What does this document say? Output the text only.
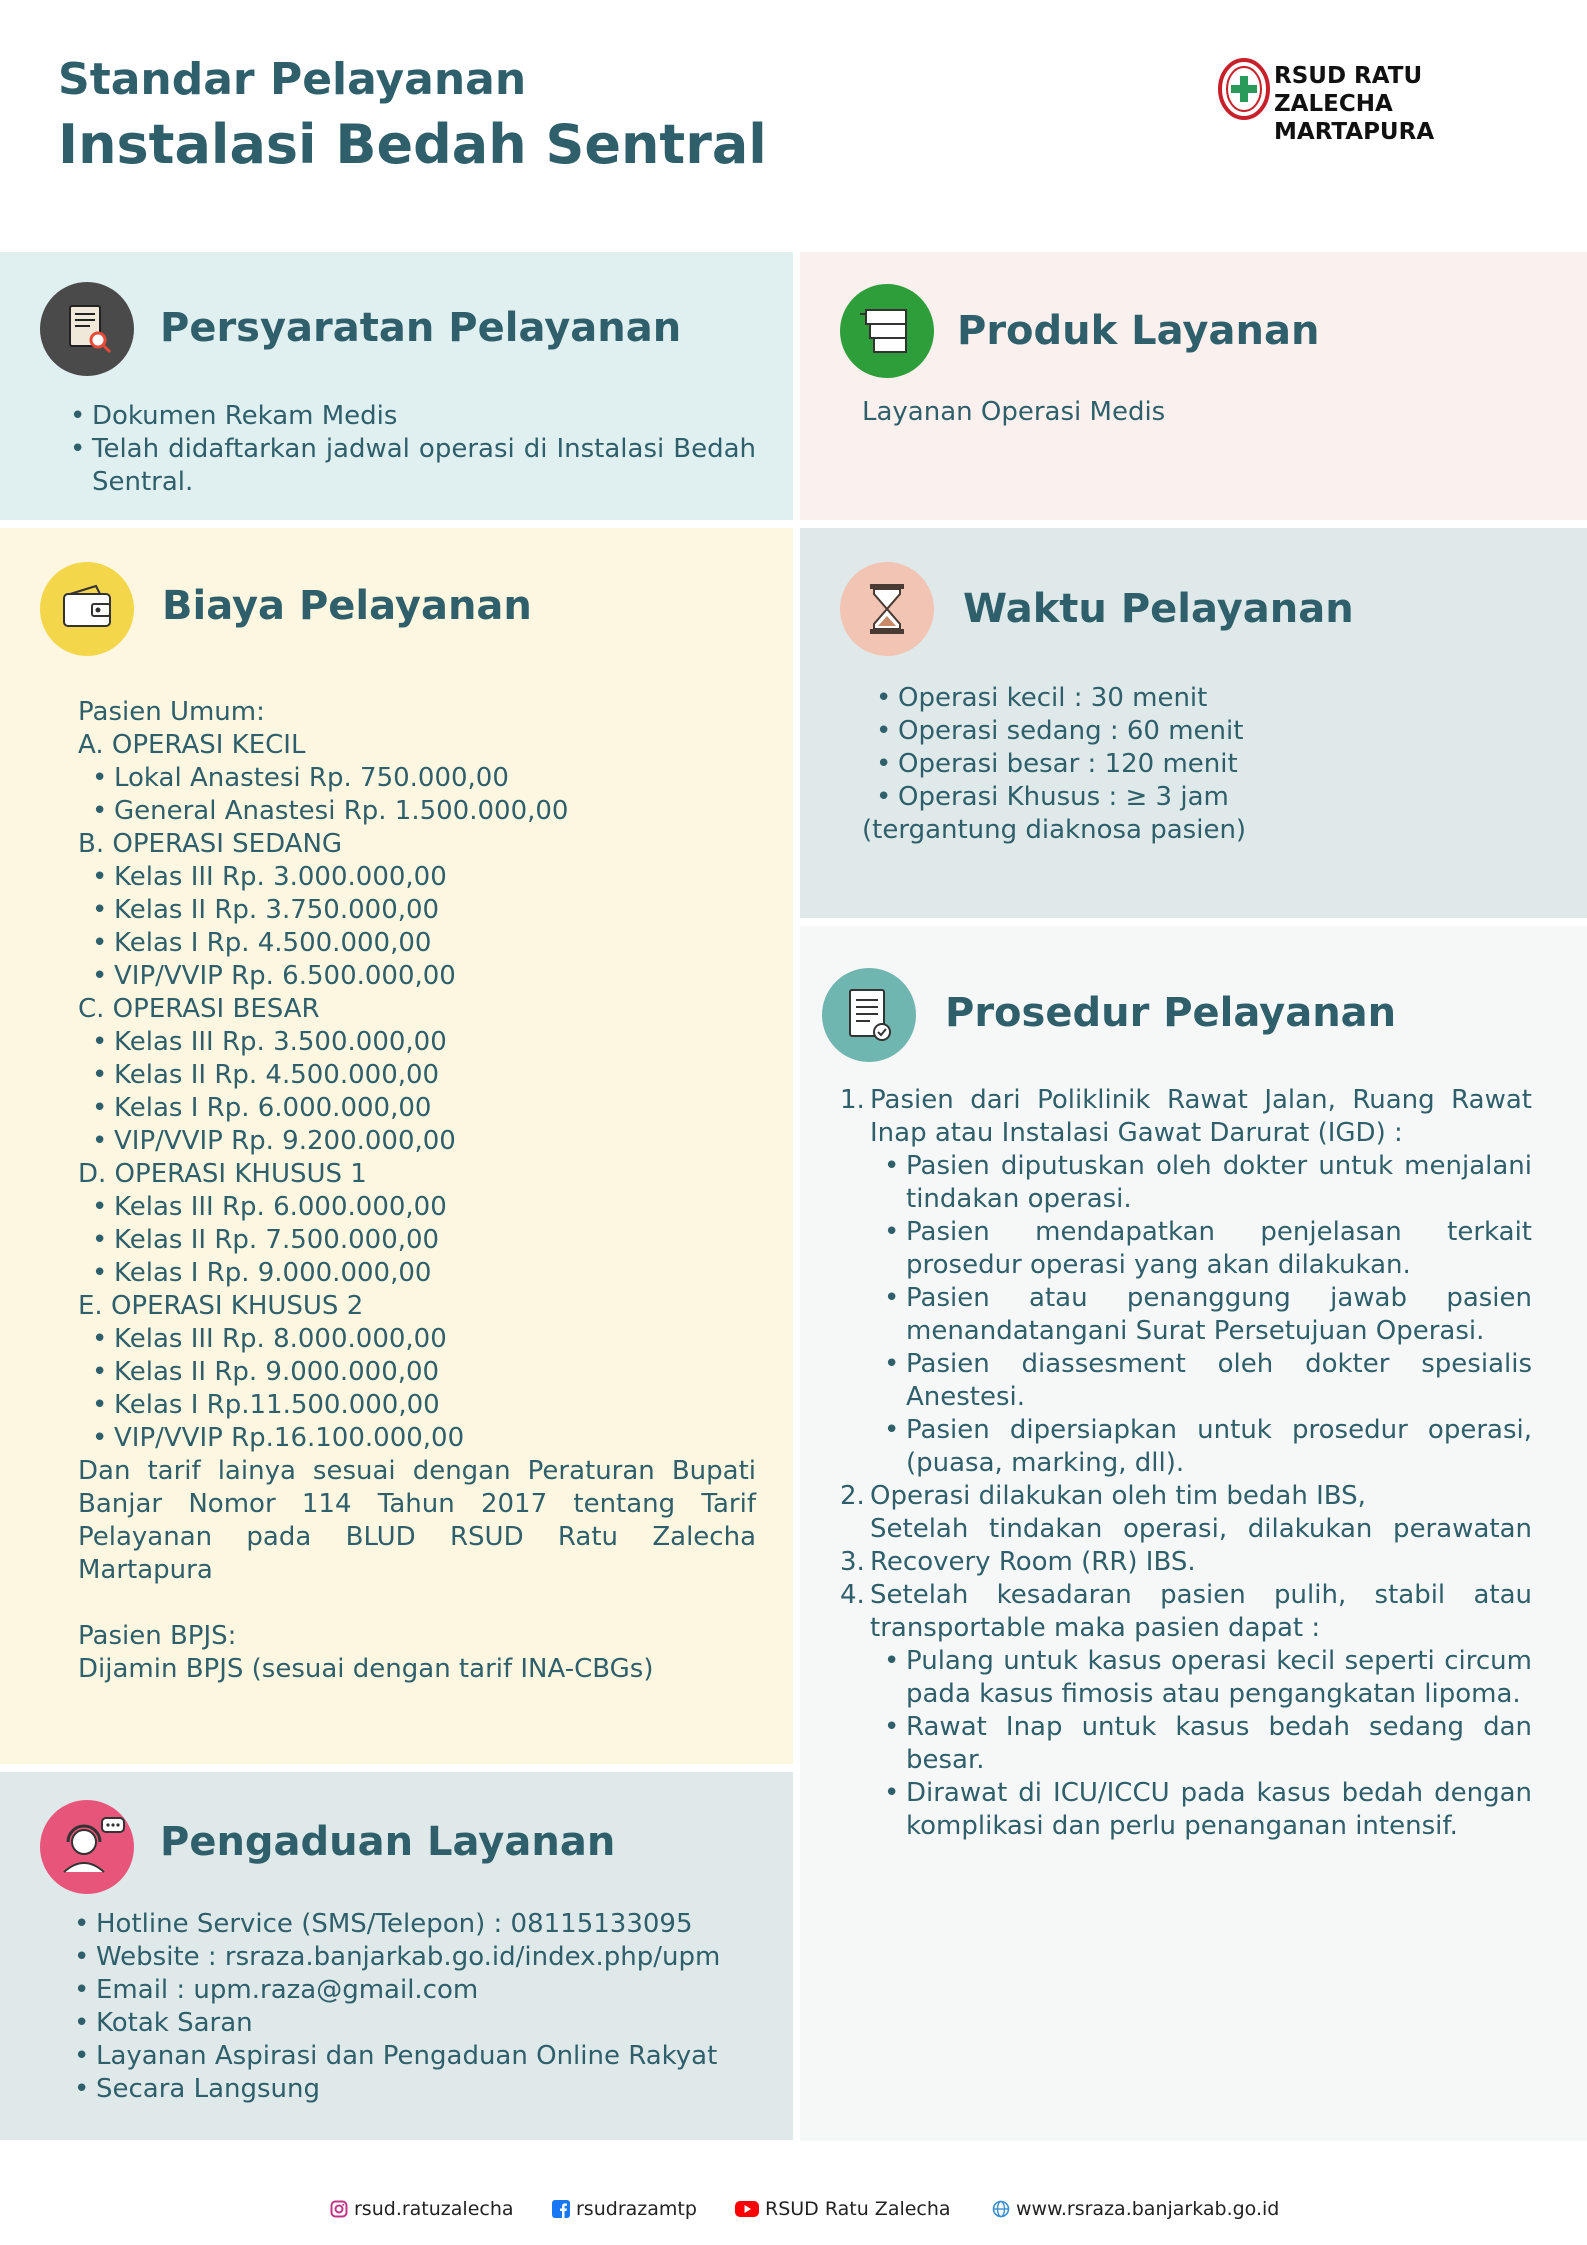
Standar Pelayanan
Instalasi Bedah Sentral
RSUD RATU ZALECHA
MARTAPURA
Persyaratan Pelayanan
• Dokumen Rekam Medis
• Telah didaftarkan jadwal operasi di Instalasi Bedah Sentral.
Produk Layanan
Layanan Operasi Medis
Biaya Pelayanan
Pasien Umum:
A. OPERASI KECIL
• Lokal Anastesi Rp. 750.000,00
• General Anastesi Rp. 1.500.000,00
B. OPERASI SEDANG
• Kelas III Rp. 3.000.000,00
• Kelas II Rp. 3.750.000,00
• Kelas I Rp. 4.500.000,00
• VIP/VVIP Rp. 6.500.000,00
C. OPERASI BESAR
• Kelas III Rp. 3.500.000,00
• Kelas II Rp. 4.500.000,00
• Kelas I Rp. 6.000.000,00
• VIP/VVIP Rp. 9.200.000,00
D. OPERASI KHUSUS 1
• Kelas III Rp. 6.000.000,00
• Kelas II Rp. 7.500.000,00
• Kelas I Rp. 9.000.000,00
E. OPERASI KHUSUS 2
• Kelas III Rp. 8.000.000,00
• Kelas II Rp. 9.000.000,00
• Kelas I Rp.11.500.000,00
• VIP/VVIP Rp.16.100.000,00
Dan tarif lainya sesuai dengan Peraturan Bupati Banjar Nomor 114 Tahun 2017 tentang Tarif Pelayanan pada BLUD RSUD Ratu Zalecha Martapura
Pasien BPJS:
Dijamin BPJS (sesuai dengan tarif INA-CBGs)
Waktu Pelayanan
• Operasi kecil : 30 menit
• Operasi sedang : 60 menit
• Operasi besar : 120 menit
• Operasi Khusus : ≥ 3 jam
(tergantung diaknosa pasien)
Prosedur Pelayanan
1. Pasien dari Poliklinik Rawat Jalan, Ruang Rawat Inap atau Instalasi Gawat Darurat (IGD) :
• Pasien diputuskan oleh dokter untuk menjalani tindakan operasi.
• Pasien mendapatkan penjelasan terkait prosedur operasi yang akan dilakukan.
• Pasien atau penanggung jawab pasien menandatangani Surat Persetujuan Operasi.
• Pasien diassesment oleh dokter spesialis Anestesi.
• Pasien dipersiapkan untuk prosedur operasi, (puasa, marking, dll).
2. Operasi dilakukan oleh tim bedah IBS,
Setelah tindakan operasi, dilakukan perawatan
3. Recovery Room (RR) IBS.
4. Setelah kesadaran pasien pulih, stabil atau transportable maka pasien dapat :
• Pulang untuk kasus operasi kecil seperti circum pada kasus fimosis atau pengangkatan lipoma.
• Rawat Inap untuk kasus bedah sedang dan besar.
• Dirawat di ICU/ICCU pada kasus bedah dengan komplikasi dan perlu penanganan intensif.
Pengaduan Layanan
• Hotline Service (SMS/Telepon) : 08115133095
• Website : rsraza.banjarkab.go.id/index.php/upm
• Email : upm.raza@gmail.com
• Kotak Saran
• Layanan Aspirasi dan Pengaduan Online Rakyat
• Secara Langsung
rsud.ratuzalecha	rsudrazamtp	RSUD Ratu Zalecha	www.rsraza.banjarkab.go.id
